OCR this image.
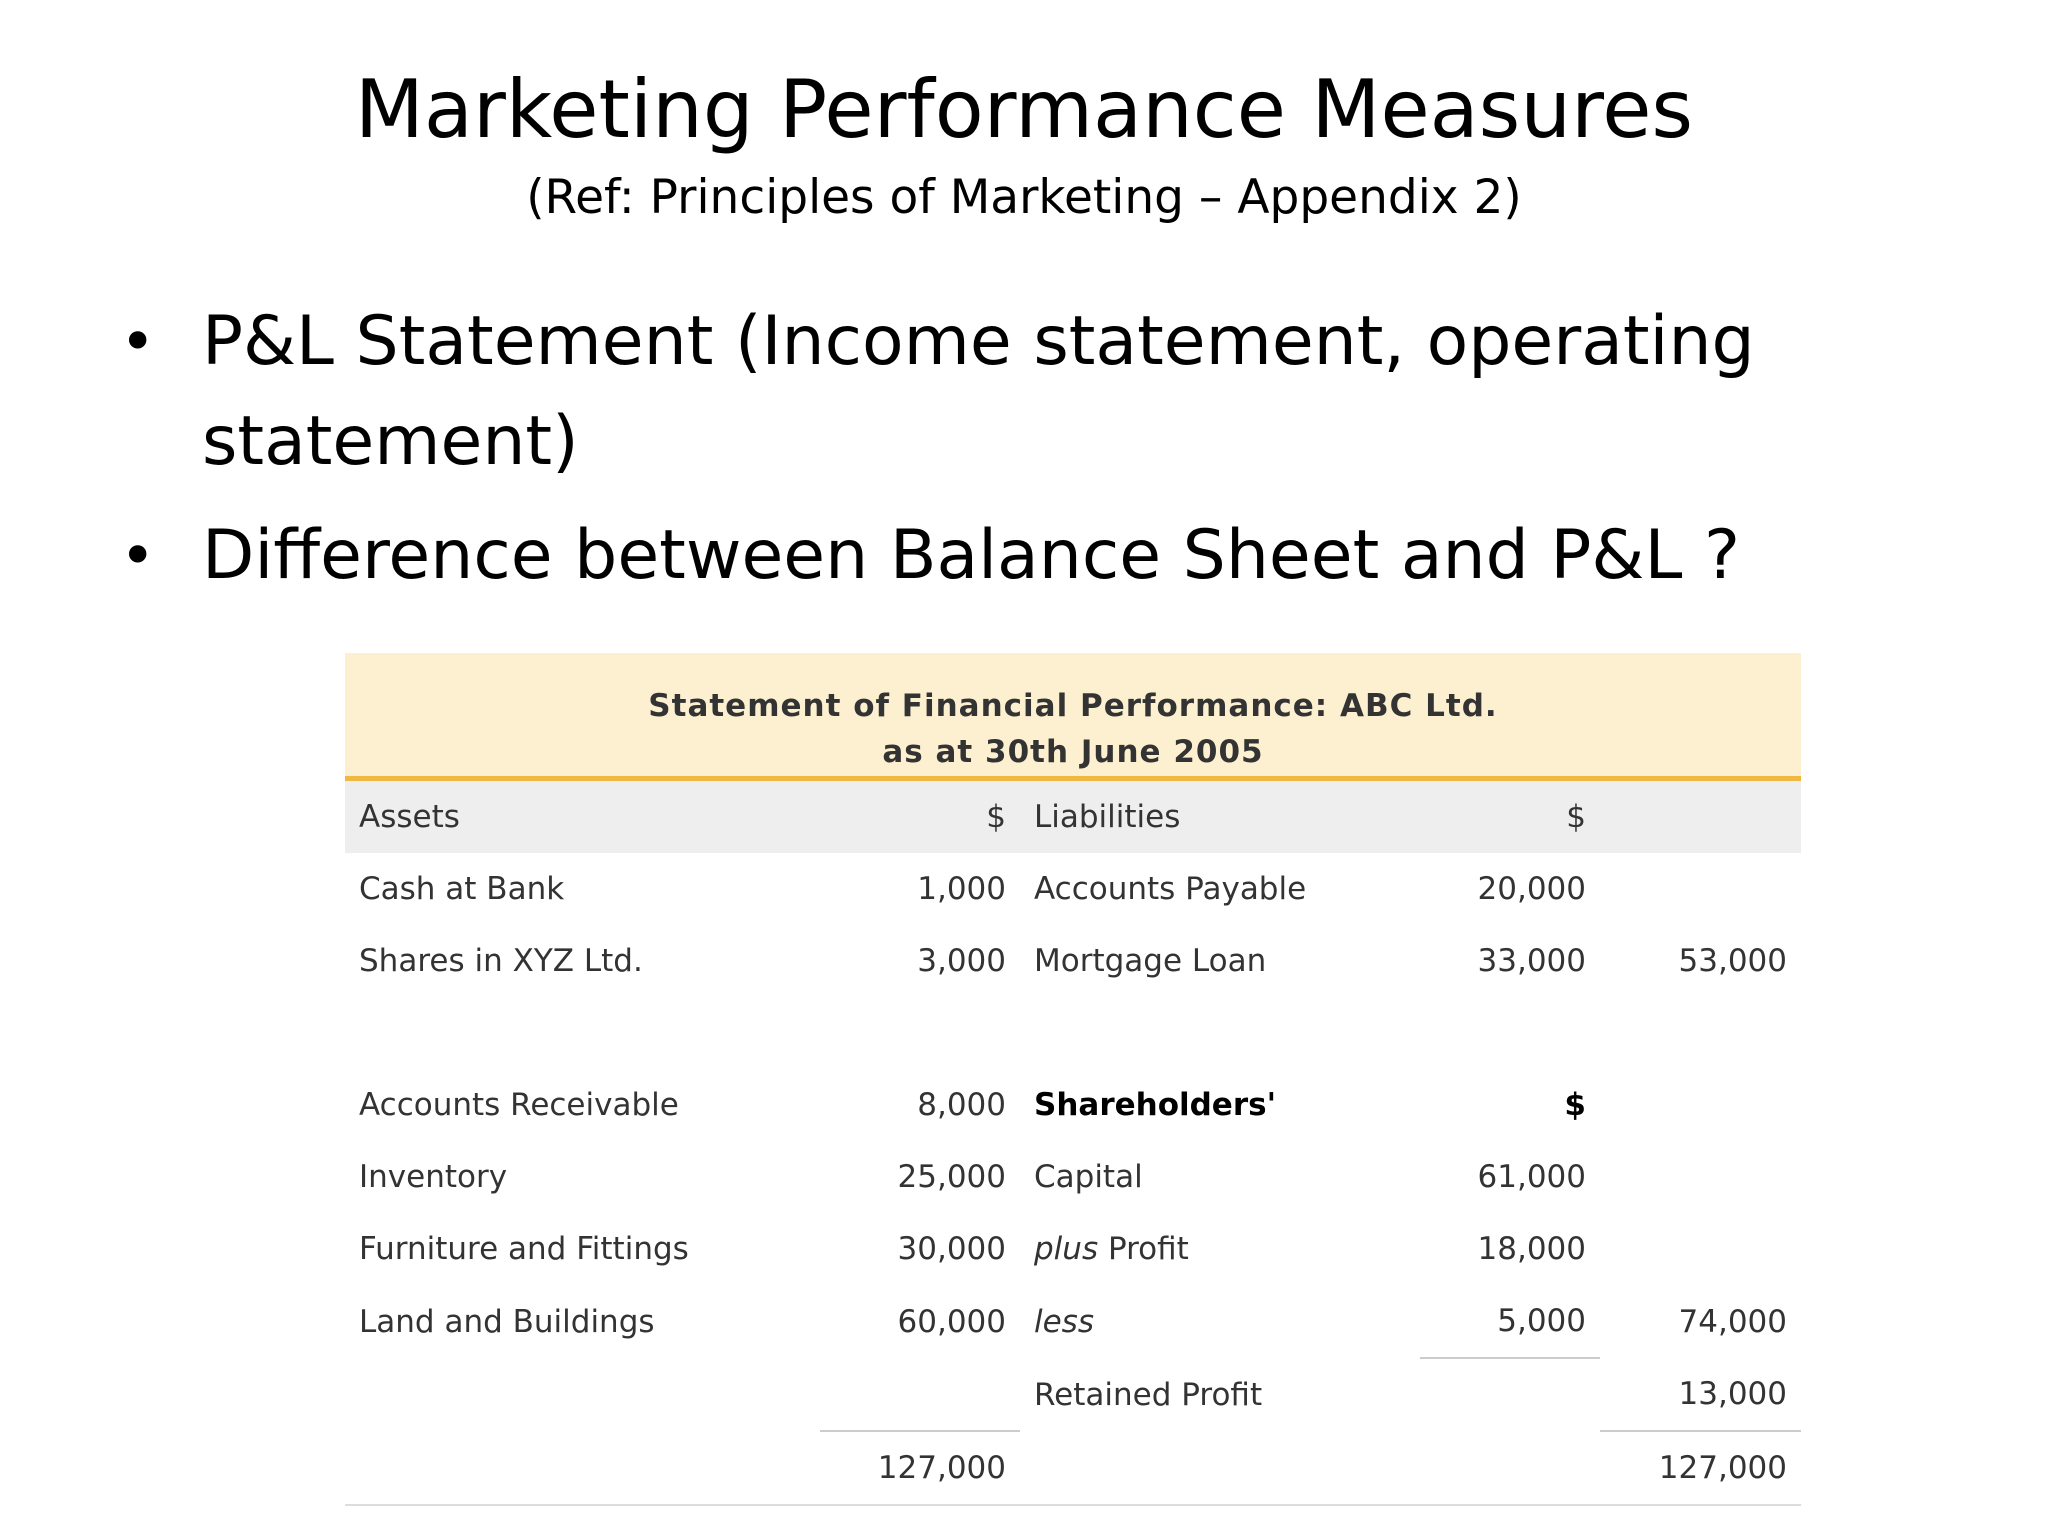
Marketing Performance Measures
(Ref: Principles of Marketing – Appendix 2)
• P&L Statement (Income statement, operating statement)
• Difference between Balance Sheet and P&L ?
Statement of Financial Performance: ABC Ltd.
as at 30th June 2005
Assets	$	Liabilities	$	
Cash at Bank	1,000	Accounts Payable	20,000	
Shares in XYZ Ltd.	3,000	Mortgage Loan	33,000	53,000

Accounts Receivable	8,000	Shareholders'	$	
Inventory	25,000	Capital	61,000	
Furniture and Fittings	30,000	plus Profit	18,000	
Land and Buildings	60,000	less	5,000	74,000
		Retained Profit		13,000
	127,000			127,000
